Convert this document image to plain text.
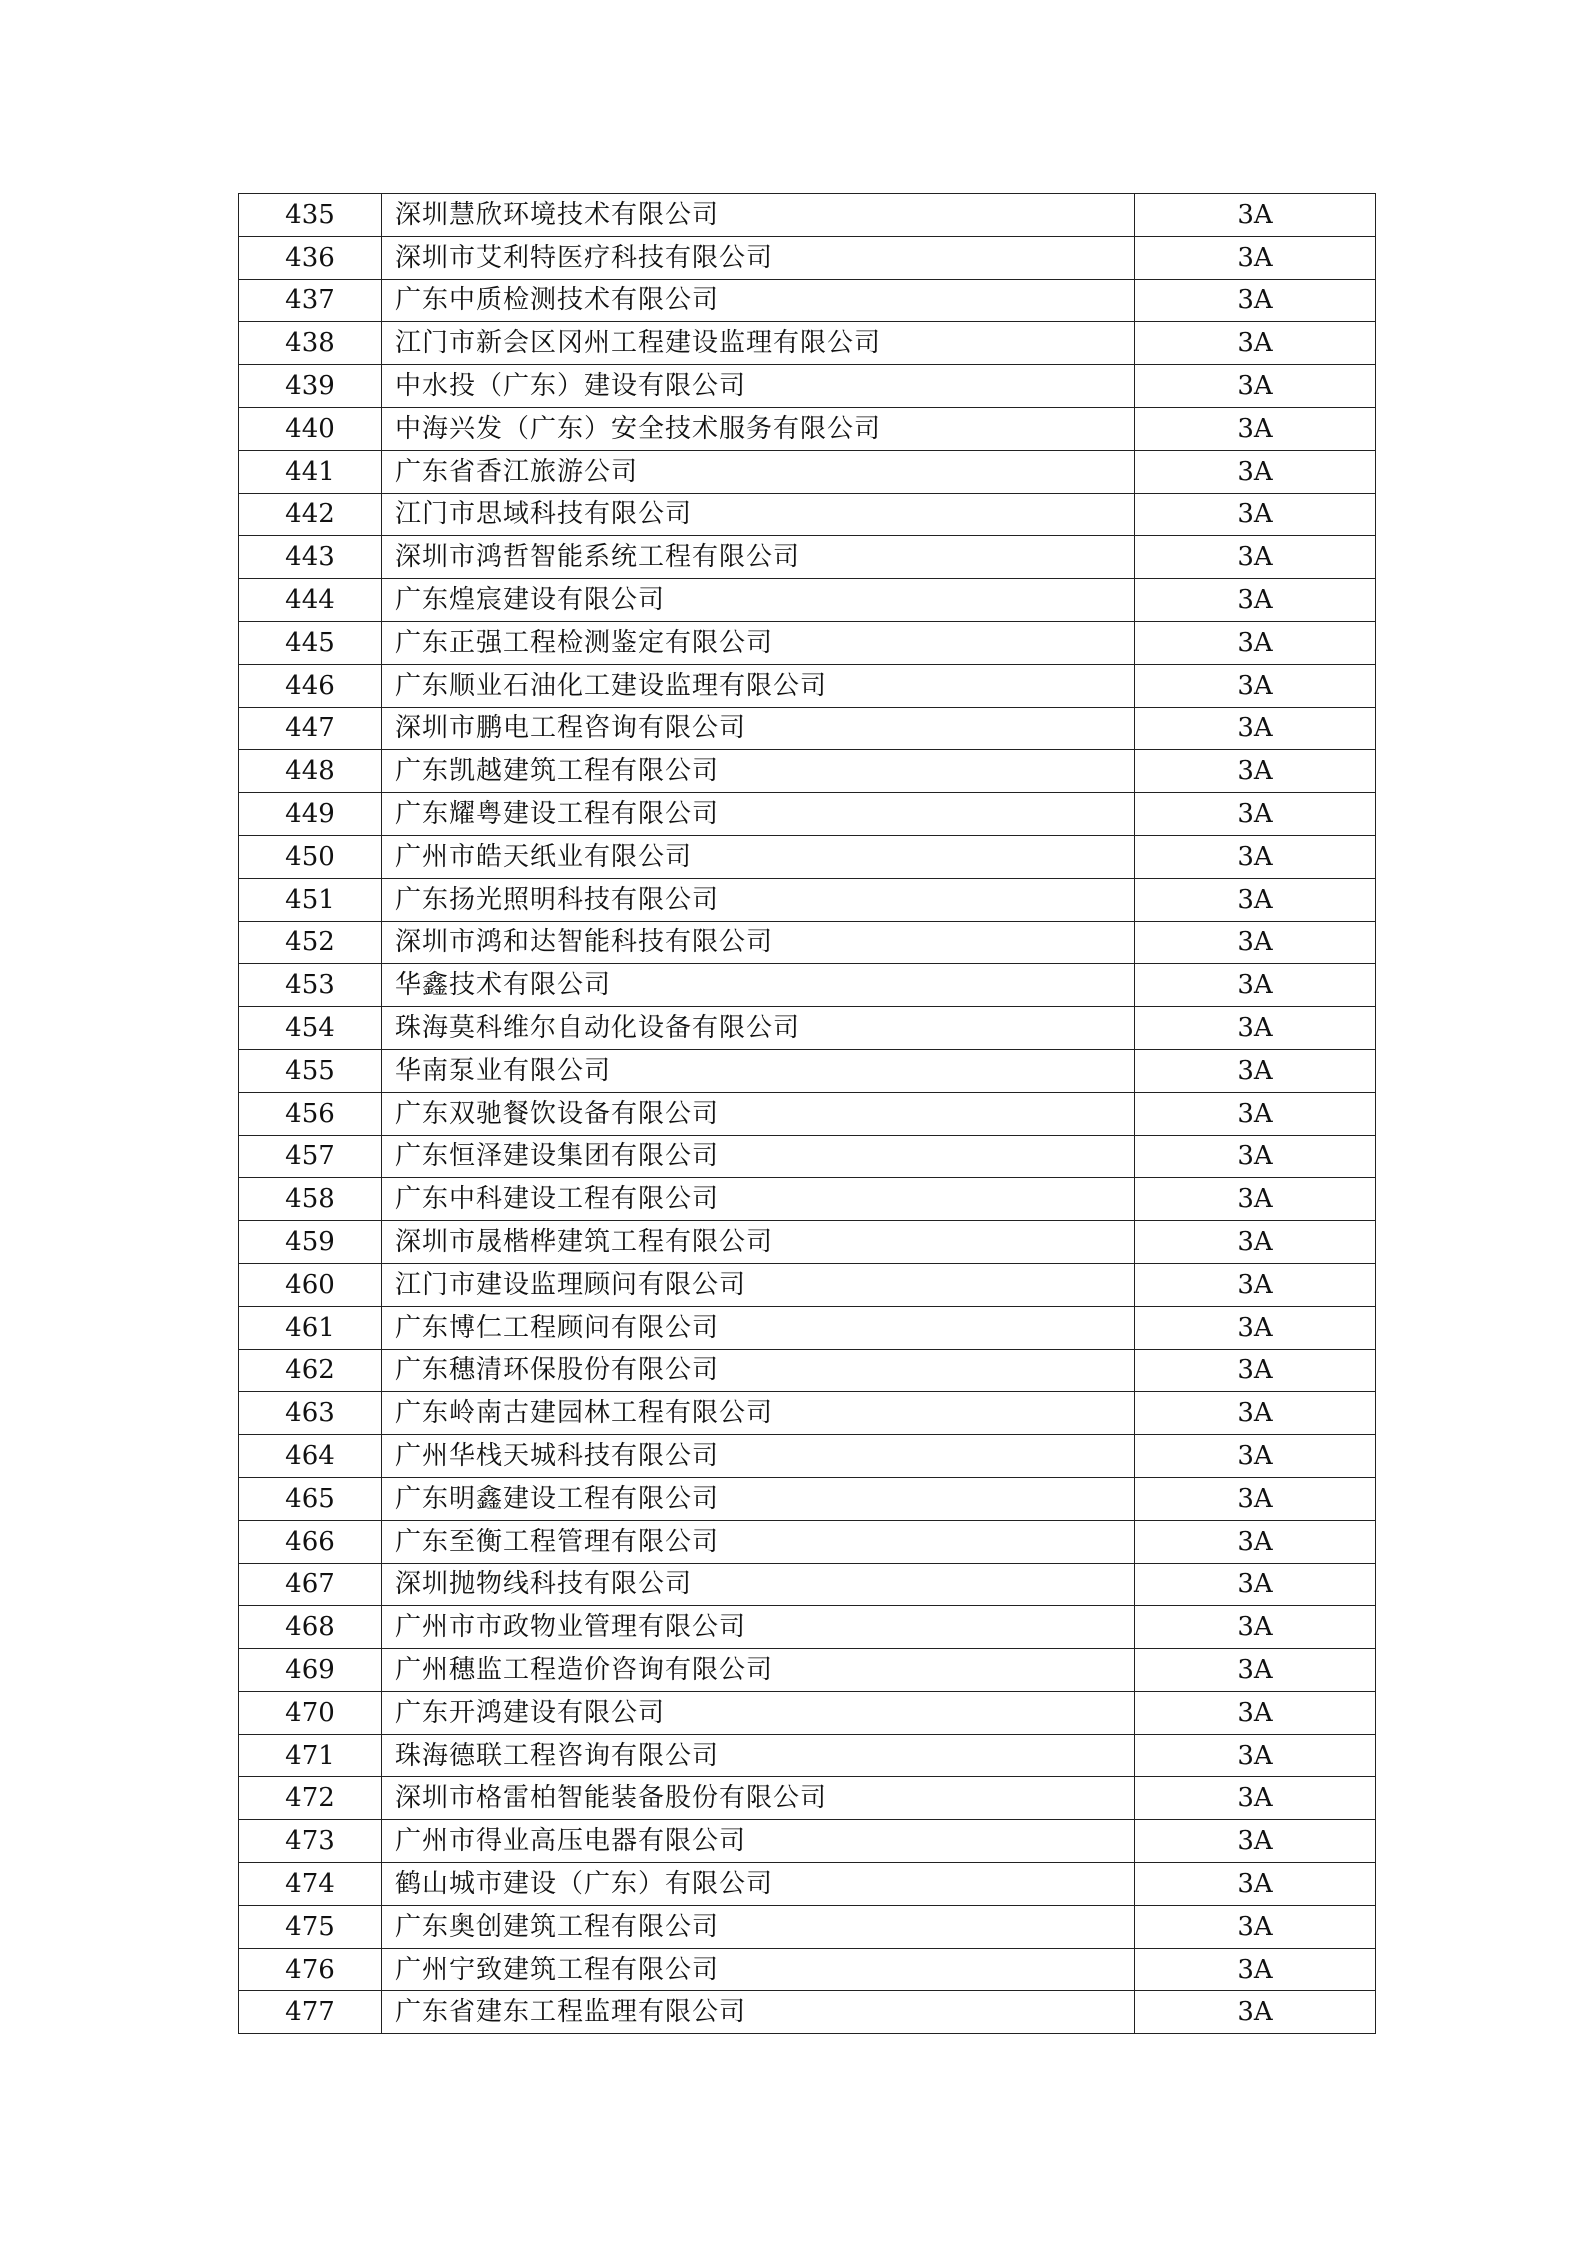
435	深圳慧欣环境技术有限公司	3A
436	深圳市艾利特医疗科技有限公司	3A
437	广东中质检测技术有限公司	3A
438	江门市新会区冈州工程建设监理有限公司	3A
439	中水投（广东）建设有限公司	3A
440	中海兴发（广东）安全技术服务有限公司	3A
441	广东省香江旅游公司	3A
442	江门市思域科技有限公司	3A
443	深圳市鸿哲智能系统工程有限公司	3A
444	广东煌宸建设有限公司	3A
445	广东正强工程检测鉴定有限公司	3A
446	广东顺业石油化工建设监理有限公司	3A
447	深圳市鹏电工程咨询有限公司	3A
448	广东凯越建筑工程有限公司	3A
449	广东耀粤建设工程有限公司	3A
450	广州市皓天纸业有限公司	3A
451	广东扬光照明科技有限公司	3A
452	深圳市鸿和达智能科技有限公司	3A
453	华鑫技术有限公司	3A
454	珠海莫科维尔自动化设备有限公司	3A
455	华南泵业有限公司	3A
456	广东双驰餐饮设备有限公司	3A
457	广东恒泽建设集团有限公司	3A
458	广东中科建设工程有限公司	3A
459	深圳市晟楷桦建筑工程有限公司	3A
460	江门市建设监理顾问有限公司	3A
461	广东博仁工程顾问有限公司	3A
462	广东穗清环保股份有限公司	3A
463	广东岭南古建园林工程有限公司	3A
464	广州华栈天城科技有限公司	3A
465	广东明鑫建设工程有限公司	3A
466	广东至衡工程管理有限公司	3A
467	深圳抛物线科技有限公司	3A
468	广州市市政物业管理有限公司	3A
469	广州穗监工程造价咨询有限公司	3A
470	广东开鸿建设有限公司	3A
471	珠海德联工程咨询有限公司	3A
472	深圳市格雷柏智能装备股份有限公司	3A
473	广州市得业高压电器有限公司	3A
474	鹤山城市建设（广东）有限公司	3A
475	广东奥创建筑工程有限公司	3A
476	广州宁致建筑工程有限公司	3A
477	广东省建东工程监理有限公司	3A
